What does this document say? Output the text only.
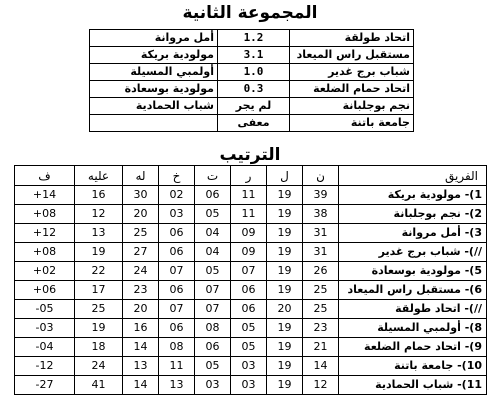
المجموعة الثانية
اتحاد طولقة	1.2	أمل مروانة
مستقبل راس الميعاد	3.1	مولودية بريكة
شباب برج غدير	1.0	أولمبي المسيلة
اتحاد حمام الضلعة	0.3	مولودية بوسعادة
نجم بوجلبانة	لم يجر	شباب الحمادية
جامعة باتنة	معفى	
الترتيب
الفريق	ن	ل	ر	ت	خ	له	عليه	ف
1)- مولودية بريكة	39	19	11	06	02	30	16	14+
2)- نجم بوجلبانة	38	19	11	05	03	20	12	08+
3)- أمل مروانة	31	19	09	04	06	25	13	12+
//)- شباب برج غدير	31	19	09	04	06	27	19	08+
5)- مولودية بوسعادة	26	19	07	05	07	24	22	02+
6)- مستقبل راس الميعاد	25	19	06	07	06	23	17	06+
//)- اتحاد طولقة	25	20	06	07	07	20	25	05-
8)- أولمبي المسيلة	23	19	05	08	06	16	19	03-
9)- اتحاد حمام الضلعة	21	19	05	06	08	14	18	04-
10)- جامعة باتنة	14	19	03	05	11	13	24	12-
11)- شباب الحمادية	12	19	03	03	13	14	41	27-
